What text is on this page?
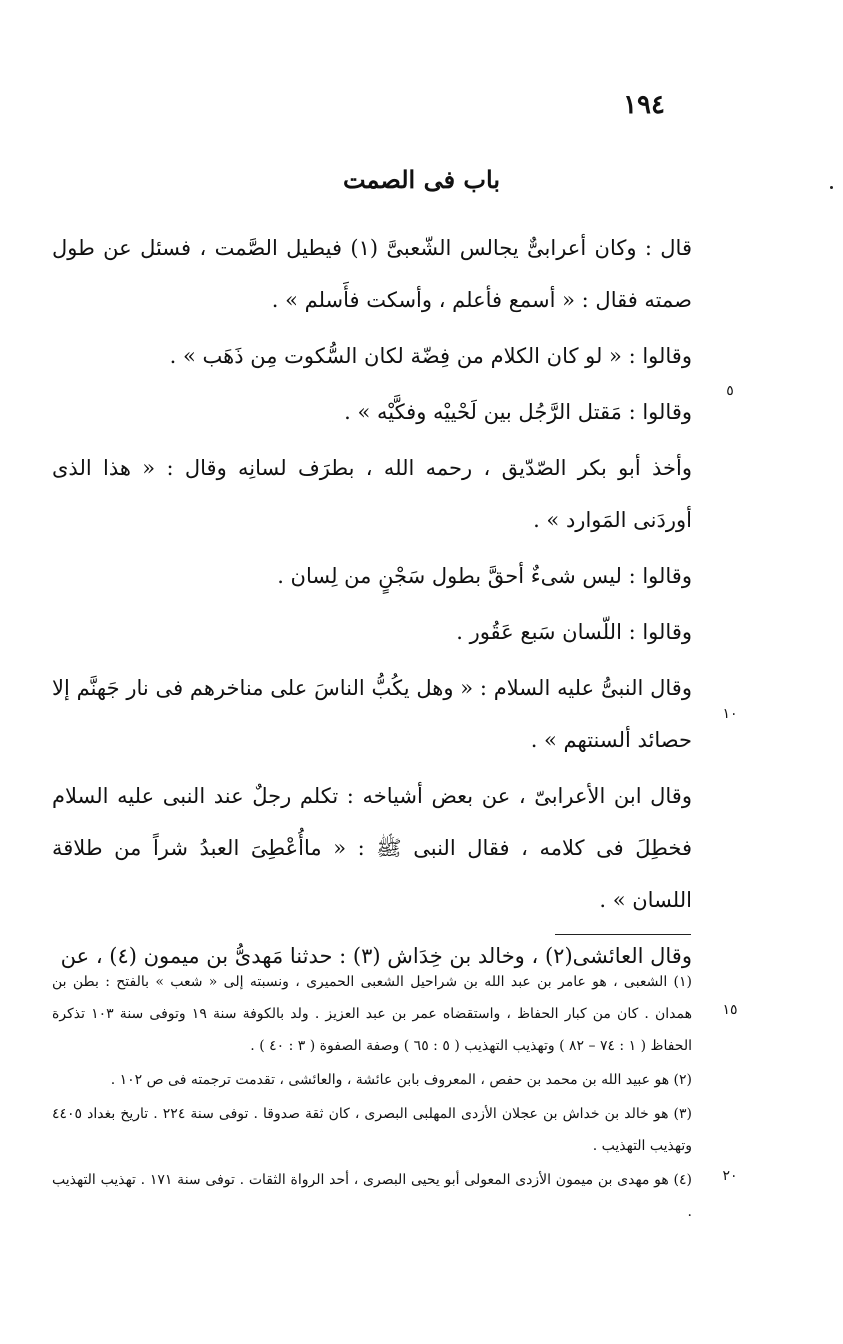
١٩٤
باب فى الصمت

قال : وكان أعرابىٌّ يجالس الشّعبىَّ (١) فيطيل الصَّمت ، فسئل عن طول صمته فقال : « أسمع فأعلم ، وأسكت فأَسلم » .

وقالوا : « لو كان الكلام من فِضّة لكان السُّكوت مِن ذَهَب » .

وقالوا : مَقتل الرَّجُل بين لَحْييْه وفكَّيْه » .

وأخذ أبو بكر الصّدّيق ، رحمه الله ، بطرَف لسانِه وقال : « هذا الذى أوردَنى المَوارد » .

وقالوا : ليس شىءٌ أحقَّ بطول سَجْنٍ من لِسان .

وقالوا : اللّسان سَبع عَقُور .

وقال النبىُّ عليه السلام : « وهل يكُبُّ الناسَ على مناخرهم فى نار جَهنَّم إلا حصائد ألسنتهم » .

وقال ابن الأعرابىّ ، عن بعض أشياخه : تكلم رجلٌ عند النبى عليه السلام فخطِلَ فى كلامه ، فقال النبى ﷺ : « ماأُعْطِىَ العبدُ شراً من طلاقة اللسان » .

وقال العائشى(٢) ، وخالد بن خِدَاش (٣) : حدثنا مَهدىُّ بن ميمون (٤) ، عن

٥
١٠
١٥
٢٠

(١) الشعبى ، هو عامر بن عبد الله بن شراحيل الشعبى الحميرى ، ونسبته إلى « شعب » بالفتح : بطن بن همدان . كان من كبار الحفاظ ، واستقضاه عمر بن عبد العزيز . ولد بالكوفة سنة ١٩ وتوفى سنة ١٠٣ تذكرة الحفاظ ( ١ : ٧٤ – ٨٢ ) وتهذيب التهذيب ( ٥ : ٦٥ ) وصفة الصفوة ( ٣ : ٤٠ ) .

(٢) هو عبيد الله بن محمد بن حفص ، المعروف بابن عائشة ، والعائشى ، تقدمت ترجمته فى ص ١٠٢ .

(٣) هو خالد بن خداش بن عجلان الأزدى المهلبى البصرى ، كان ثقة صدوقا . توفى سنة ٢٢٤ . تاريخ بغداد ٤٤٠٥ وتهذيب التهذيب .

(٤) هو مهدى بن ميمون الأزدى المعولى أبو يحيى البصرى ، أحد الرواة الثقات . توفى سنة ١٧١ . تهذيب التهذيب .
